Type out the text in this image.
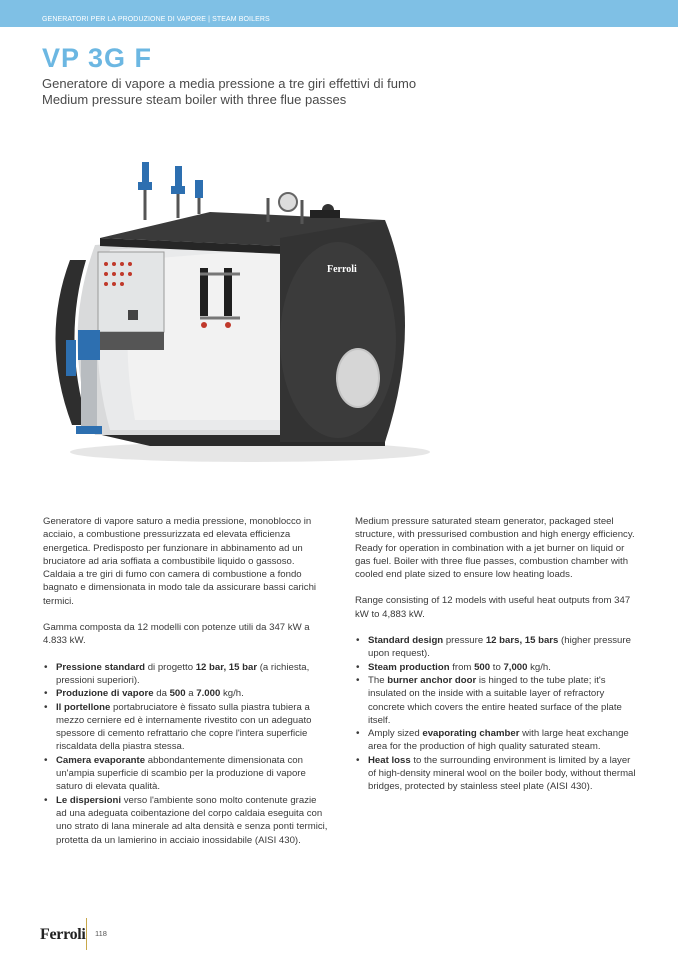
GENERATORI PER LA PRODUZIONE DI VAPORE | STEAM BOILERS
VP 3G F
Generatore di vapore a media pressione a tre giri effettivi di fumo
Medium pressure steam boiler with three flue passes
Ferroli

Generatore di vapore saturo a media pressione, monoblocco in acciaio, a combustione pressurizzata ed elevata efficienza energetica. Predisposto per funzionare in abbinamento ad un bruciatore ad aria soffiata a combustibile liquido o gassoso. Caldaia a tre giri di fumo con camera di combustione a fondo bagnato e dimensionata in modo tale da assicurare bassi carichi termici.

Gamma composta da 12 modelli con potenze utili da 347 kW a 4.833 kW.

• Pressione standard di progetto 12 bar, 15 bar (a richiesta, pressioni superiori).
• Produzione di vapore da 500 a 7.000 kg/h.
• Il portellone portabruciatore è fissato sulla piastra tubiera a mezzo cerniere ed è internamente rivestito con un adeguato spessore di cemento refrattario che copre l'intera superficie riscaldata della piastra stessa.
• Camera evaporante abbondantemente dimensionata con un'ampia superficie di scambio per la produzione di vapore saturo di elevata qualità.
• Le dispersioni verso l'ambiente sono molto contenute grazie ad una adeguata coibentazione del corpo caldaia eseguita con uno strato di lana minerale ad alta densità e senza ponti termici, protetta da un lamierino in acciaio inossidabile (AISI 430).

Medium pressure saturated steam generator, packaged steel structure, with pressurised combustion and high energy efficiency.
Ready for operation in combination with a jet burner on liquid or gas fuel. Boiler with three flue passes, combustion chamber with cooled end plate sized to ensure low heating loads.

Range consisting of 12 models with useful heat outputs from 347 kW to 4,883 kW.

• Standard design pressure 12 bars, 15 bars (higher pressure upon request).
• Steam production from 500 to 7,000 kg/h.
• The burner anchor door is hinged to the tube plate; it's insulated on the inside with a suitable layer of refractory concrete which covers the entire heated surface of the plate itself.
• Amply sized evaporating chamber with large heat exchange area for the production of high quality saturated steam.
• Heat loss to the surrounding environment is limited by a layer of high-density mineral wool on the boiler body, without thermal bridges, protected by stainless steel plate (AISI 430).
Ferroli 118
